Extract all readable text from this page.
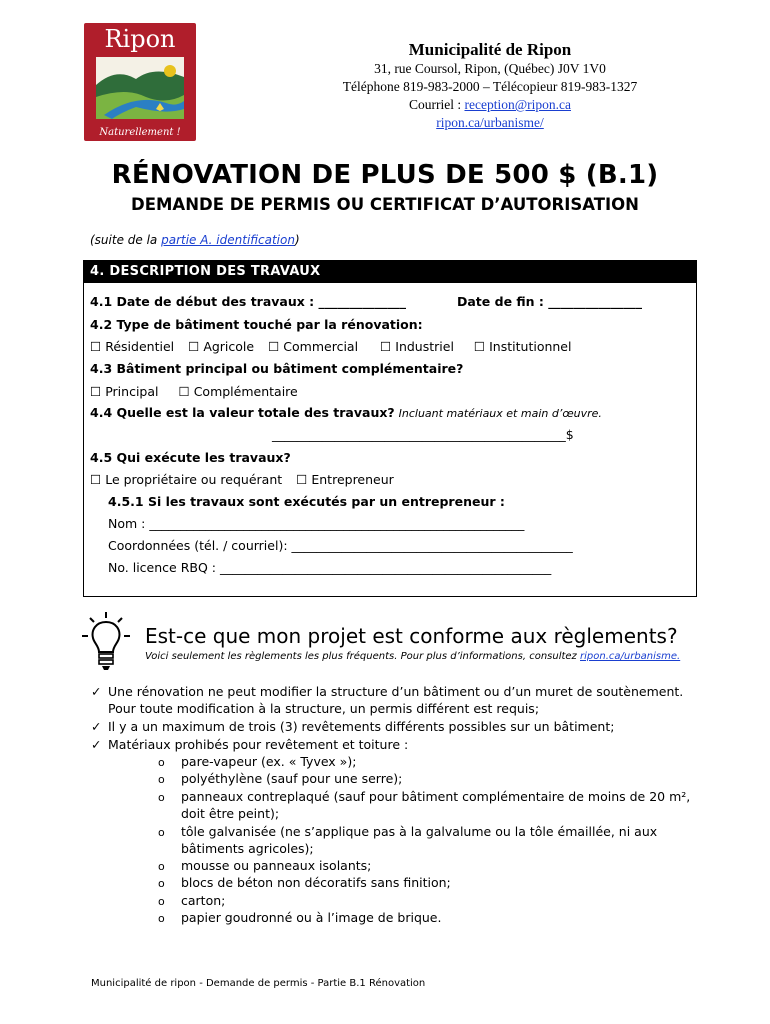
Ripon
Naturellement !
Municipalité de Ripon
31, rue Coursol, Ripon, (Québec) J0V 1V0
Téléphone 819-983-2000 – Télécopieur 819-983-1327
Courriel : reception@ripon.ca
ripon.ca/urbanisme/
RÉNOVATION DE PLUS DE 500 $ (B.1)
DEMANDE DE PERMIS OU CERTIFICAT D’AUTORISATION
(suite de la partie A. identification)
4. DESCRIPTION DES TRAVAUX
4.1 Date de début des travaux : ______________	Date de fin : _______________
4.2 Type de bâtiment touché par la rénovation:
☐ Résidentiel ☐ Agricole ☐ Commercial	☐ Industriel	☐ Institutionnel
4.3 Bâtiment principal ou bâtiment complémentaire?
☐ Principal	☐ Complémentaire
4.4 Quelle est la valeur totale des travaux? Incluant matériaux et main d’œuvre.
_______________________________________________$
4.5 Qui exécute les travaux?
☐ Le propriétaire ou requérant ☐ Entrepreneur
4.5.1 Si les travaux sont exécutés par un entrepreneur :
Nom : ____________________________________________________________
Coordonnées (tél. / courriel): _____________________________________________
No. licence RBQ : _____________________________________________________
Est-ce que mon projet est conforme aux règlements?
Voici seulement les règlements les plus fréquents. Pour plus d’informations, consultez ripon.ca/urbanisme.
✓ Une rénovation ne peut modifier la structure d’un bâtiment ou d’un muret de soutènement.
Pour toute modification à la structure, un permis différent est requis;
✓ Il y a un maximum de trois (3) revêtements différents possibles sur un bâtiment;
✓ Matériaux prohibés pour revêtement et toiture :
o pare-vapeur (ex. « Tyvex »);
o polyéthylène (sauf pour une serre);
o panneaux contreplaqué (sauf pour bâtiment complémentaire de moins de 20 m²,
doit être peint);
o tôle galvanisée (ne s’applique pas à la galvalume ou la tôle émaillée, ni aux
bâtiments agricoles);
o mousse ou panneaux isolants;
o blocs de béton non décoratifs sans finition;
o carton;
o papier goudronné ou à l’image de brique.
Municipalité de ripon - Demande de permis - Partie B.1 Rénovation
